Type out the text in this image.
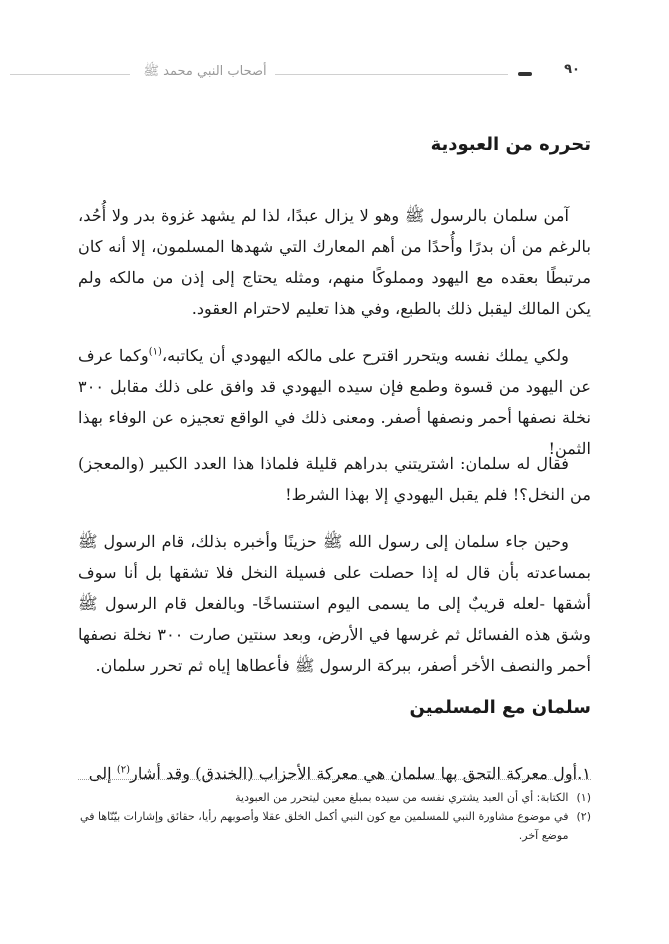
٩٠
أصحاب النبي محمد ﷺ
تحرره من العبودية

آمن سلمان بالرسول ﷺ وهو لا يزال عبدًا، لذا لم يشهد غزوة بدر ولا أُحُد، بالرغم من أن بدرًا وأُحدًا من أهم المعارك التي شهدها المسلمون، إلا أنه كان مرتبطًا بعقده مع اليهود ومملوكًا منهم، ومثله يحتاج إلى إذن من مالكه ولم يكن المالك ليقبل ذلك بالطبع، وفي هذا تعليم لاحترام العقود.

ولكي يملك نفسه ويتحرر اقترح على مالكه اليهودي أن يكاتبه،$^{(١)}$وكما عرف عن اليهود من قسوة وطمع فإن سيده اليهودي قد وافق على ذلك مقابل ٣٠٠ نخلة نصفها أحمر ونصفها أصفر. ومعنى ذلك في الواقع تعجيزه عن الوفاء بهذا الثمن!

فقال له سلمان: اشتريتني بدراهم قليلة فلماذا هذا العدد الكبير (والمعجز) من النخل؟! فلم يقبل اليهودي إلا بهذا الشرط!

وحين جاء سلمان إلى رسول الله ﷺ حزينًا وأخبره بذلك، قام الرسول ﷺ بمساعدته بأن قال له إذا حصلت على فسيلة النخل فلا تشقها بل أنا سوف أشقها -لعله قريبٌ إلى ما يسمى اليوم استنساخًا- وبالفعل قام الرسول ﷺ وشق هذه الفسائل ثم غرسها في الأرض، وبعد سنتين صارت ٣٠٠ نخلة نصفها أحمر والنصف الأخر أصفر، ببركة الرسول ﷺ فأعطاها إياه ثم تحرر سلمان.

سلمان مع المسلمين

١.أول معركة التحق بها سلمان هي معركة الأحزاب (الخندق) وقد أشار$^{(٢)}$ إلى

(١)
الكتابة: أي أن العبد يشتري نفسه من سيده بمبلغ معين ليتحرر من العبودية
(٢)
في موضوع مشاورة النبي للمسلمين مع كون النبي أكمل الخلق عقلا وأصوبهم رأيا، حقائق وإشارات بيّنّاها في موضع آخر.
